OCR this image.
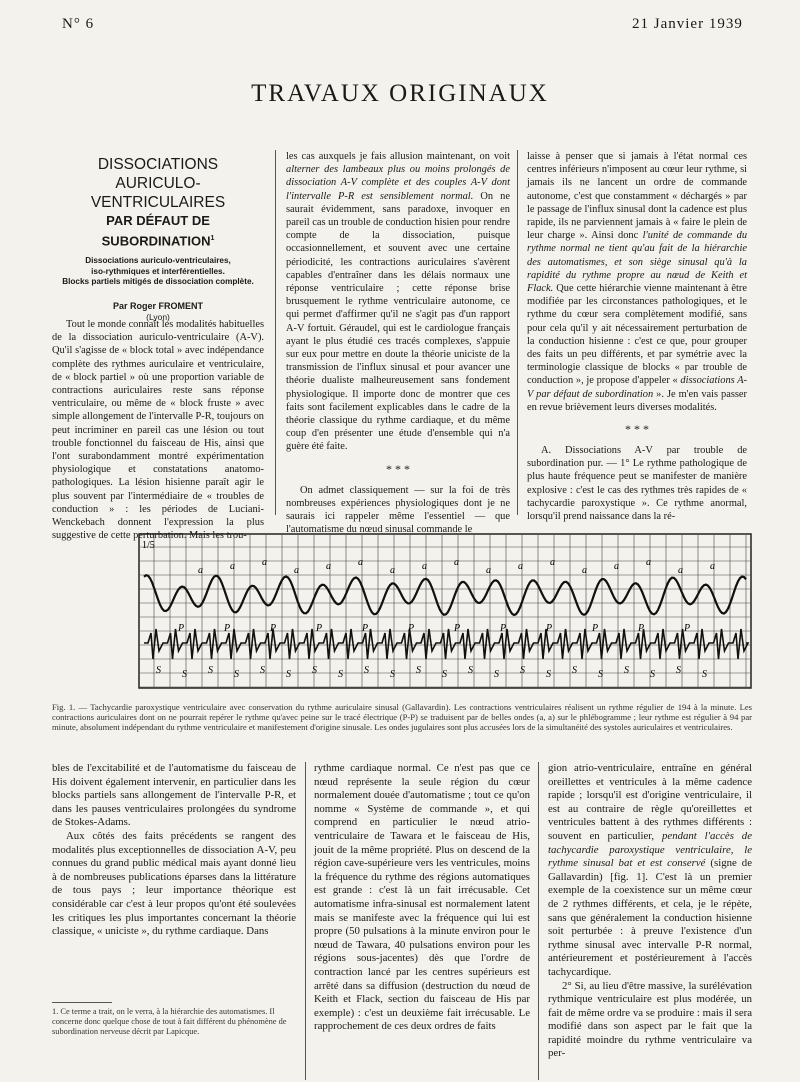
N° 6	21 Janvier 1939
TRAVAUX ORIGINAUX
DISSOCIATIONS
AURICULO-VENTRICULAIRES
PAR DÉFAUT DE SUBORDINATION$^1$
Dissociations auriculo-ventriculaires,
iso-rythmiques et interférentielles.
Blocks partiels mitigés de dissociation complète.
Par Roger FROMENT
(Lyon)

Tout le monde connaît les modalités habituelles de la dissociation auriculo-ventriculaire (A-V). Qu'il s'agisse de « block total » avec indépendance complète des rythmes auriculaire et ventriculaire, de « block partiel » où une proportion variable de contractions auriculaires reste sans réponse ventriculaire, ou même de « block fruste » avec simple allongement de l'intervalle P-R, toujours on peut incriminer en pareil cas une lésion ou tout trouble fonctionnel du faisceau de His, ainsi que l'ont surabondamment montré expérimentation physiologique et constatations anatomo-pathologiques. La lésion hisienne paraît agir le plus souvent par l'intermédiaire de « troubles de conduction » : les périodes de Luciani-Wenckebach donnent l'expression la plus suggestive de cette perturbation. Mais les trou-

les cas auxquels je fais allusion maintenant, on voit alterner des lambeaux plus ou moins prolongés de dissociation A-V complète et des couples A-V dont l'intervalle P-R est sensiblement normal. On ne saurait évidemment, sans paradoxe, invoquer en pareil cas un trouble de conduction hisien pour rendre compte de la dissociation, puisque occasionnellement, et souvent avec une certaine périodicité, les contractions auriculaires s'avèrent capables d'entraîner dans les délais normaux une réponse ventriculaire ; cette réponse brise brusquement le rythme ventriculaire autonome, ce qui permet d'affirmer qu'il ne s'agit pas d'un rapport A-V fortuit. Géraudel, qui est le cardiologue français ayant le plus étudié ces tracés complexes, s'appuie sur eux pour mettre en doute la théorie uniciste de la transmission de l'influx sinusal et pour avancer une théorie dualiste malheureusement sans fondement physiologique. Il importe donc de montrer que ces faits sont facilement explicables dans le cadre de la théorie classique du rythme cardiaque, et du même coup d'en présenter une étude d'ensemble qui n'a guère été faite.

* * *

On admet classiquement — sur la foi de très nombreuses expériences physiologiques dont je ne saurais ici rappeler même l'essentiel — que l'automatisme du nœud sinusal commande le

laisse à penser que si jamais à l'état normal ces centres inférieurs n'imposent au cœur leur rythme, si jamais ils ne lancent un ordre de commande autonome, c'est que constamment « déchargés » par le passage de l'influx sinusal dont la cadence est plus rapide, ils ne parviennent jamais à « faire le plein de leur charge ». Ainsi donc l'unité de commande du rythme normal ne tient qu'au fait de la hiérarchie des automatismes, et son siège sinusal qu'à la rapidité du rythme propre au nœud de Keith et Flack. Que cette hiérarchie vienne maintenant à être modifiée par les circonstances pathologiques, et le rythme du cœur sera complètement modifié, sans pour cela qu'il y ait nécessairement perturbation de la conduction hisienne : c'est ce que, pour grouper des faits un peu différents, et par symétrie avec la terminologie classique de blocks « par trouble de conduction », je propose d'appeler « dissociations A-V par défaut de subordination ». Je m'en vais passer en revue brièvement leurs diverses modalités.

* * *

A. Dissociations A-V par trouble de subordination pur. — 1° Le rythme pathologique de plus haute fréquence peut se manifester de manière explosive : c'est le cas des rythmes très rapides de « tachycardie paroxystique ». Ce rythme anormal, lorsqu'il prend naissance dans la ré-

a	a	a
a	a	a
a	a	a
a	a	a
a	a	a
a	a
P	P	P	P	P	P	P	P	P	P	P	P
S S S S S S S S S S S S S S S S S S S S S S
1/5
Fig. 1. — Tachycardie paroxystique ventriculaire avec conservation du rythme auriculaire sinusal (Gallavardin). Les contractions ventriculaires réalisent un rythme régulier de 194 à la minute. Les contractions auriculaires dont on ne pourrait repérer le rythme qu'avec peine sur le tracé électrique (P-P) se traduisent par de belles ondes (a, a) sur le phlébogramme ; leur rythme est régulier à 94 par minute, absolument indépendant du rythme ventriculaire et manifestement d'origine sinusale. Les ondes jugulaires sont plus accusées lors de la simultanéité des systoles auriculaires et ventriculaires.

bles de l'excitabilité et de l'automatisme du faisceau de His doivent également intervenir, en particulier dans les blocks partiels sans allongement de l'intervalle P-R, et dans les pauses ventriculaires prolongées du syndrome de Stokes-Adams.

Aux côtés des faits précédents se rangent des modalités plus exceptionnelles de dissociation A-V, peu connues du grand public médical mais ayant donné lieu à de nombreuses publications éparses dans la littérature de tous pays ; leur importance théorique est considérable car c'est à leur propos qu'ont été soulevées les critiques les plus importantes concernant la théorie classique, « uniciste », du rythme cardiaque. Dans

1. Ce terme a trait, on le verra, à la hiérarchie des automatismes. Il concerne donc quelque chose de tout à fait différent du phénomène de subordination nerveuse décrit par Lapicque.

rythme cardiaque normal. Ce n'est pas que ce nœud représente la seule région du cœur normalement douée d'automatisme ; tout ce qu'on nomme « Système de commande », et qui comprend en particulier le nœud atrio-ventriculaire de Tawara et le faisceau de His, jouit de la même propriété. Plus on descend de la région cave-supérieure vers les ventricules, moins la fréquence du rythme des régions automatiques est grande : c'est là un fait irrécusable. Cet automatisme infra-sinusal est normalement latent mais se manifeste avec la fréquence qui lui est propre (50 pulsations à la minute environ pour le nœud de Tawara, 40 pulsations environ pour les régions sous-jacentes) dès que l'ordre de contraction lancé par les centres supérieurs est arrêté dans sa diffusion (destruction du nœud de Keith et Flack, section du faisceau de His par exemple) : c'est un deuxième fait irrécusable. Le rapprochement de ces deux ordres de faits

gion atrio-ventriculaire, entraîne en général oreillettes et ventricules à la même cadence rapide ; lorsqu'il est d'origine ventriculaire, il est au contraire de règle qu'oreillettes et ventricules battent à des rythmes différents : souvent en particulier, pendant l'accès de tachycardie paroxystique ventriculaire, le rythme sinusal bat et est conservé (signe de Gallavardin) [fig. 1]. C'est là un premier exemple de la coexistence sur un même cœur de 2 rythmes différents, et cela, je le répète, sans que généralement la conduction hisienne soit perturbée : à preuve l'existence d'un rythme sinusal avec intervalle P-R normal, antérieurement et postérieurement à l'accès tachycardique.

2° Si, au lieu d'être massive, la surélévation rythmique ventriculaire est plus modérée, un fait de même ordre va se produire : mais il sera modifié dans son aspect par le fait que la rapidité moindre du rythme ventriculaire va per-
